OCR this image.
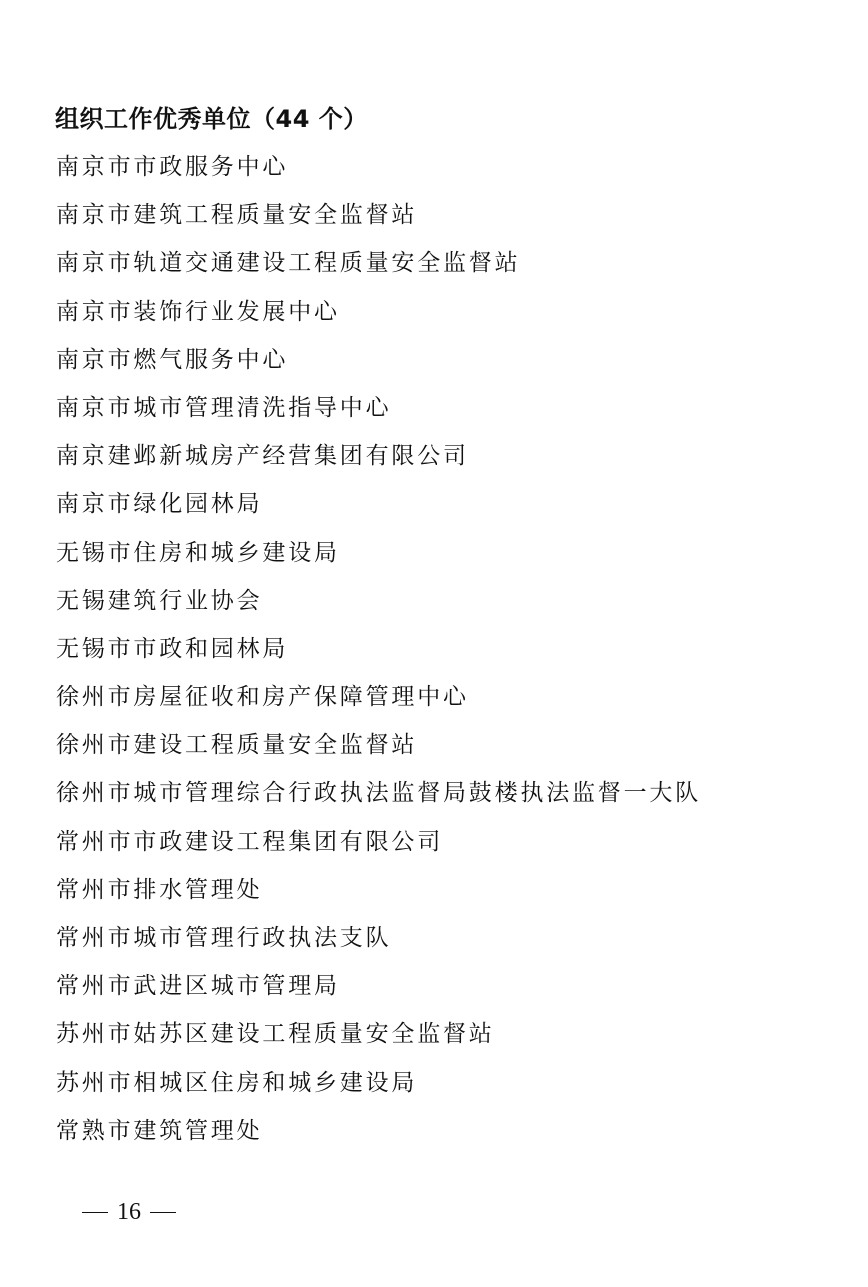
组织工作优秀单位（44 个）
南京市市政服务中心
南京市建筑工程质量安全监督站
南京市轨道交通建设工程质量安全监督站
南京市装饰行业发展中心
南京市燃气服务中心
南京市城市管理清洗指导中心
南京建邺新城房产经营集团有限公司
南京市绿化园林局
无锡市住房和城乡建设局
无锡建筑行业协会
无锡市市政和园林局
徐州市房屋征收和房产保障管理中心
徐州市建设工程质量安全监督站
徐州市城市管理综合行政执法监督局鼓楼执法监督一大队
常州市市政建设工程集团有限公司
常州市排水管理处
常州市城市管理行政执法支队
常州市武进区城市管理局
苏州市姑苏区建设工程质量安全监督站
苏州市相城区住房和城乡建设局
常熟市建筑管理处
16
